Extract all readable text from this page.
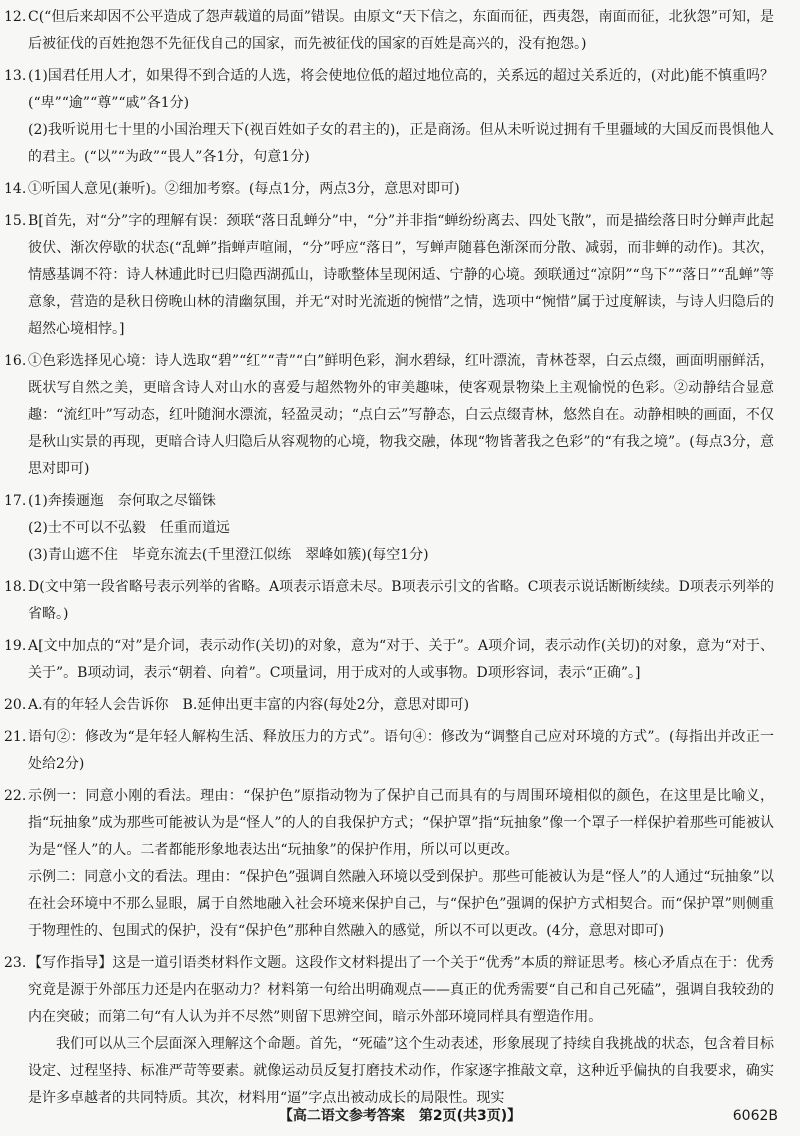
12. C(“但后来却因不公平造成了怨声载道的局面”错误。由原文“天下信之，东面而征，西夷怨，南面而征，北狄怨”可知，是后被征伐的百姓抱怨不先征伐自己的国家，而先被征伐的国家的百姓是高兴的，没有抱怨。)

13. (1)国君任用人才，如果得不到合适的人选，将会使地位低的超过地位高的，关系远的超过关系近的，(对此)能不慎重吗？(“卑”“逾”“尊”“戚”各1分)

(2)我听说用七十里的小国治理天下(视百姓如子女的君主的)，正是商汤。但从未听说过拥有千里疆域的大国反而畏惧他人的君主。(“以”“为政”“畏人”各1分，句意1分)

14. ①听国人意见(兼听)。②细加考察。(每点1分，两点3分，意思对即可)

15. B[首先，对“分”字的理解有误：颈联“落日乱蝉分”中，“分”并非指“蝉纷纷离去、四处飞散”，而是描绘落日时分蝉声此起彼伏、渐次停歇的状态(“乱蝉”指蝉声喧闹，“分”呼应“落日”，写蝉声随暮色渐深而分散、减弱，而非蝉的动作)。其次，情感基调不符：诗人林逋此时已归隐西湖孤山，诗歌整体呈现闲适、宁静的心境。颈联通过“凉阴”“鸟下”“落日”“乱蝉”等意象，营造的是秋日傍晚山林的清幽氛围，并无“对时光流逝的惋惜”之情，选项中“惋惜”属于过度解读，与诗人归隐后的超然心境相悖。]

16. ①色彩选择见心境：诗人选取“碧”“红”“青”“白”鲜明色彩，涧水碧绿，红叶漂流，青林苍翠，白云点缀，画面明丽鲜活，既状写自然之美，更暗含诗人对山水的喜爱与超然物外的审美趣味，使客观景物染上主观愉悦的色彩。②动静结合显意趣：“流红叶”写动态，红叶随涧水漂流，轻盈灵动；“点白云”写静态，白云点缀青林，悠然自在。动静相映的画面，不仅是秋山实景的再现，更暗合诗人归隐后从容观物的心境，物我交融，体现“物皆著我之色彩”的“有我之境”。(每点3分，意思对即可)

17. (1)奔揍逦迤　奈何取之尽锱铢

(2)士不可以不弘毅　任重而道远

(3)青山遮不住　毕竟东流去(千里澄江似练　翠峰如簇)(每空1分)

18. D(文中第一段省略号表示列举的省略。A项表示语意未尽。B项表示引文的省略。C项表示说话断断续续。D项表示列举的省略。)

19. A[文中加点的“对”是介词，表示动作(关切)的对象，意为“对于、关于”。A项介词，表示动作(关切)的对象，意为“对于、关于”。B项动词，表示“朝着、向着”。C项量词，用于成对的人或事物。D项形容词，表示“正确”。]

20. A.有的年轻人会告诉你　B.延伸出更丰富的内容(每处2分，意思对即可)

21. 语句②：修改为“是年轻人解构生活、释放压力的方式”。语句④：修改为“调整自己应对环境的方式”。(每指出并改正一处给2分)

22. 示例一：同意小刚的看法。理由：“保护色”原指动物为了保护自己而具有的与周围环境相似的颜色，在这里是比喻义，指“玩抽象”成为那些可能被认为是“怪人”的人的自我保护方式；“保护罩”指“玩抽象”像一个罩子一样保护着那些可能被认为是“怪人”的人。二者都能形象地表达出“玩抽象”的保护作用，所以可以更改。

示例二：同意小文的看法。理由：“保护色”强调自然融入环境以受到保护。那些可能被认为是“怪人”的人通过“玩抽象”以在社会环境中不那么显眼，属于自然地融入社会环境来保护自己，与“保护色”强调的保护方式相契合。而“保护罩”则侧重于物理性的、包围式的保护，没有“保护色”那种自然融入的感觉，所以不可以更改。(4分，意思对即可)

23. 【写作指导】这是一道引语类材料作文题。这段作文材料提出了一个关于“优秀”本质的辩证思考。核心矛盾点在于：优秀究竟是源于外部压力还是内在驱动力？材料第一句给出明确观点——真正的优秀需要“自己和自己死磕”，强调自我较劲的内在突破；而第二句“有人认为并不尽然”则留下思辨空间，暗示外部环境同样具有塑造作用。

我们可以从三个层面深入理解这个命题。首先，“死磕”这个生动表述，形象展现了持续自我挑战的状态，包含着目标设定、过程坚持、标准严苛等要素。就像运动员反复打磨技术动作，作家逐字推敲文章，这种近乎偏执的自我要求，确实是许多卓越者的共同特质。其次，材料用“逼”字点出被动成长的局限性。现实

【高二语文参考答案　第2页(共3页)】	6062B
